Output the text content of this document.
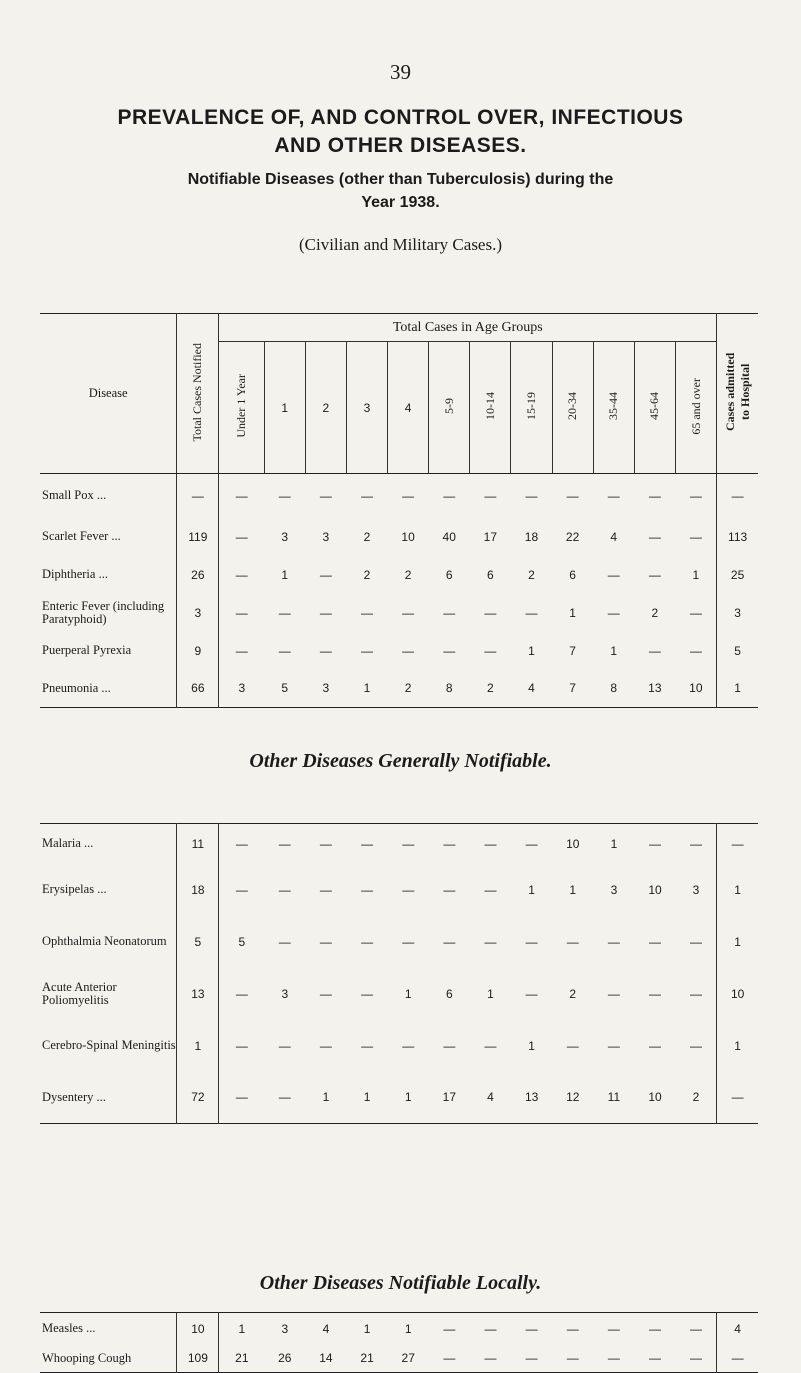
39
PREVALENCE OF, AND CONTROL OVER, INFECTIOUS
AND OTHER DISEASES.
Notifiable Diseases (other than Tuberculosis) during the
Year 1938.
(Civilian and Military Cases.)
Disease	Total Cases Notified	Total Cases in Age Groups												Cases admitted to Hospital
		Under 1 Year	1	2	3	4	5-9	10-14	15-19	20-34	35-44	45-64	65 and over	
Small Pox ...	—	—	—	—	—	—	—	—	—	—	—	—	—	—
Scarlet Fever ...	119	—	3	3	2	10	40	17	18	22	4	—	—	113
Diphtheria ...	26	—	1	—	2	2	6	6	2	6	—	—	1	25
Enteric Fever (including Paratyphoid)	3	—	—	—	—	—	—	—	—	1	—	2	—	3
Puerperal Pyrexia	9	—	—	—	—	—	—	—	1	7	1	—	—	5
Pneumonia ...	66	3	5	3	1	2	8	2	4	7	8	13	10	1
Other Diseases Generally Notifiable.
Malaria ...	11	—	—	—	—	—	—	—	—	10	1	—	—	—
Erysipelas ...	18	—	—	—	—	—	—	—	1	1	3	10	3	1
Ophthalmia Neonatorum	5	5	—	—	—	—	—	—	—	—	—	—	—	1
Acute Anterior Poliomyelitis	13	—	3	—	—	1	6	1	—	2	—	—	—	10
Cerebro-Spinal Meningitis	1	—	—	—	—	—	—	—	1	—	—	—	—	1
Dysentery ...	72	—	—	1	1	1	17	4	13	12	11	10	2	—
Other Diseases Notifiable Locally.
Measles ...	10	1	3	4	1	1	—	—	—	—	—	—	—	4
Whooping Cough	109	21	26	14	21	27	—	—	—	—	—	—	—	—
